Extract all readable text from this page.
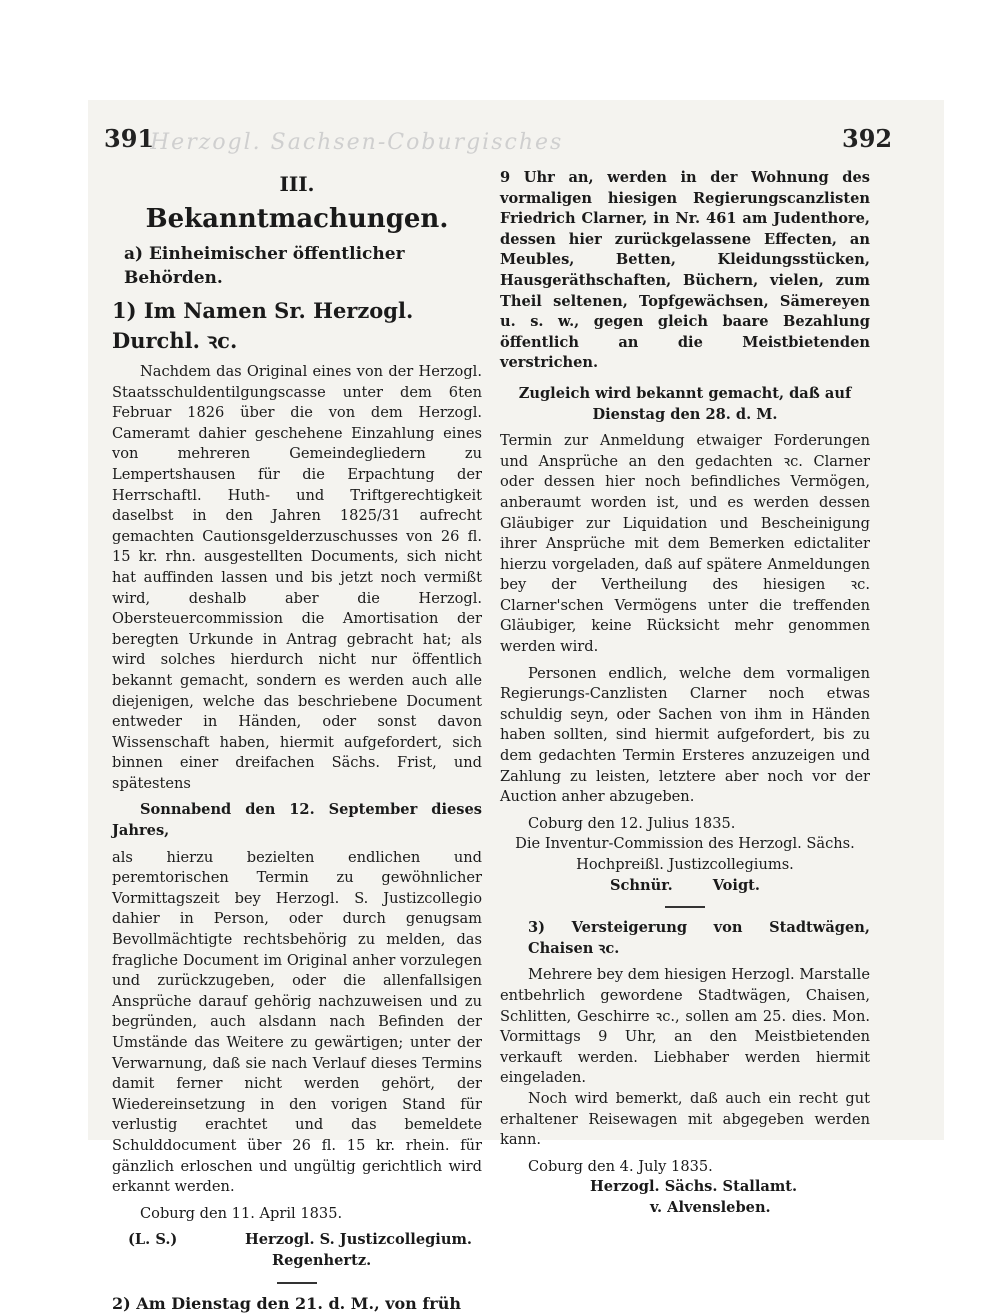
Herzogl. Sachsen-Coburgisches
391	392
III.
Bekanntmachungen.
a) Einheimischer öffentlicher Behörden.
1) Im Namen Sr. Herzogl. Durchl. ꝛc.

Nachdem das Original eines von der Herzogl. Staatsschuldentilgungscasse unter dem 6ten Februar 1826 über die von dem Herzogl. Cameramt dahier geschehene Einzahlung eines von mehreren Gemeindegliedern zu Lempertshausen für die Erpachtung der Herrschaftl. Huth- und Triftgerechtigkeit daselbst in den Jahren 1825/31 aufrecht gemachten Cautionsgelderzuschusses von 26 fl. 15 kr. rhn. ausgestellten Documents, sich nicht hat auffinden lassen und bis jetzt noch vermißt wird, deshalb aber die Herzogl. Obersteuercommission die Amortisation der beregten Urkunde in Antrag gebracht hat; als wird solches hierdurch nicht nur öffentlich bekannt gemacht, sondern es werden auch alle diejenigen, welche das beschriebene Document entweder in Händen, oder sonst davon Wissenschaft haben, hiermit aufgefordert, sich binnen einer dreifachen Sächs. Frist, und spätestens

Sonnabend den 12. September dieses Jahres,

als hierzu bezielten endlichen und peremtorischen Termin zu gewöhnlicher Vormittagszeit bey Herzogl. S. Justizcollegio dahier in Person, oder durch genugsam Bevollmächtigte rechtsbehörig zu melden, das fragliche Document im Original anher vorzulegen und zurückzugeben, oder die allenfallsigen Ansprüche darauf gehörig nachzuweisen und zu begründen, auch alsdann nach Befinden der Umstände das Weitere zu gewärtigen; unter der Verwarnung, daß sie nach Verlauf dieses Termins damit ferner nicht werden gehört, der Wiedereinsetzung in den vorigen Stand für verlustig erachtet und das bemeldete Schulddocument über 26 fl. 15 kr. rhein. für gänzlich erloschen und ungültig gerichtlich wird erkannt werden.

Coburg den 11. April 1835.

(L. S.)	Herzogl. S. Justizcollegium.

Regenhertz.

2) Am Dienstag den 21. d. M., von früh

9 Uhr an, werden in der Wohnung des vormaligen hiesigen Regierungscanzlisten Friedrich Clarner, in Nr. 461 am Judenthore, dessen hier zurückgelassene Effecten, an Meubles, Betten, Kleidungsstücken, Hausgeräthschaften, Büchern, vielen, zum Theil seltenen, Topfgewächsen, Sämereyen u. s. w., gegen gleich baare Bezahlung öffentlich an die Meistbietenden verstrichen.

Zugleich wird bekannt gemacht, daß auf Dienstag den 28. d. M.

Termin zur Anmeldung etwaiger Forderungen und Ansprüche an den gedachten ꝛc. Clarner oder dessen hier noch befindliches Vermögen, anberaumt worden ist, und es werden dessen Gläubiger zur Liquidation und Bescheinigung ihrer Ansprüche mit dem Bemerken edictaliter hierzu vorgeladen, daß auf spätere Anmeldungen bey der Vertheilung des hiesigen ꝛc. Clarner'schen Vermögens unter die treffenden Gläubiger, keine Rücksicht mehr genommen werden wird.

Personen endlich, welche dem vormaligen Regierungs-Canzlisten Clarner noch etwas schuldig seyn, oder Sachen von ihm in Händen haben sollten, sind hiermit aufgefordert, bis zu dem gedachten Termin Ersteres anzuzeigen und Zahlung zu leisten, letztere aber noch vor der Auction anher abzugeben.

Coburg den 12. Julius 1835.

Die Inventur-Commission des Herzogl. Sächs. Hochpreißl. Justizcollegiums.

Schnür.	Voigt.

3) Versteigerung von Stadtwägen, Chaisen ꝛc.

Mehrere bey dem hiesigen Herzogl. Marstalle entbehrlich gewordene Stadtwägen, Chaisen, Schlitten, Geschirre ꝛc., sollen am 25. dies. Mon. Vormittags 9 Uhr, an den Meistbietenden verkauft werden. Liebhaber werden hiermit eingeladen.

Noch wird bemerkt, daß auch ein recht gut erhaltener Reisewagen mit abgegeben werden kann.

Coburg den 4. July 1835.

Herzogl. Sächs. Stallamt.

v. Alvensleben.
